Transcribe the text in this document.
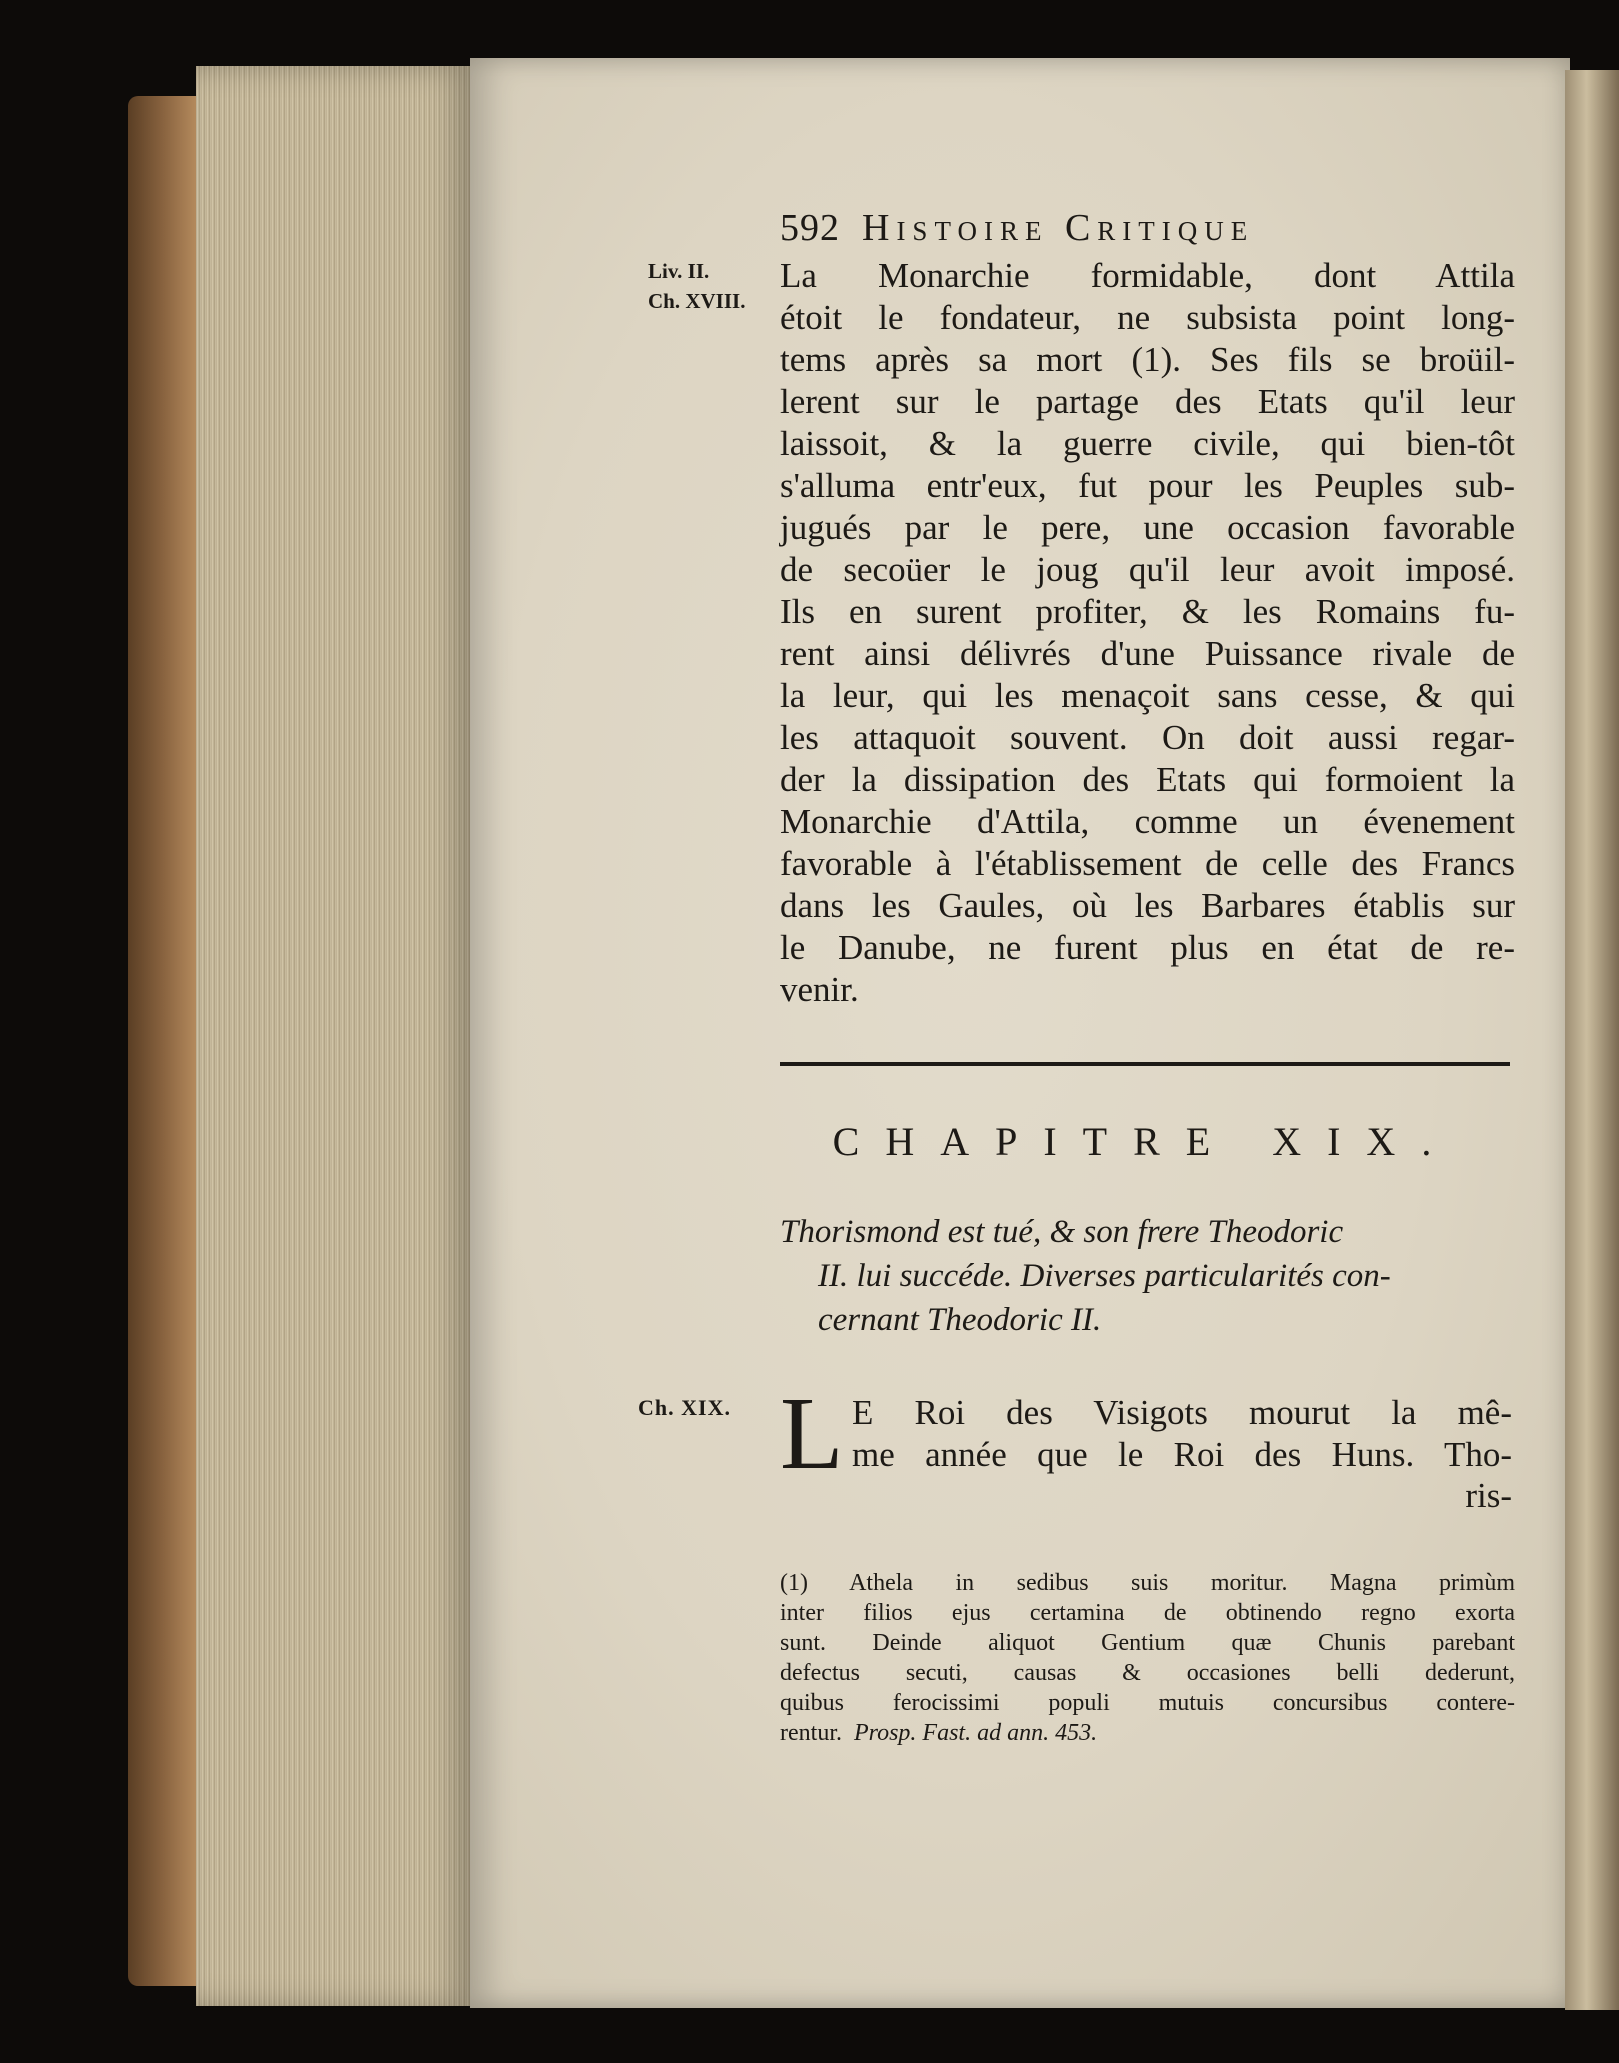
592 Histoire Critique
Liv. II.
Ch. XVIII.
La Monarchie formidable, dont Attila
étoit le fondateur, ne subsista point long-
tems après sa mort (1). Ses fils se broüil-
lerent sur le partage des Etats qu'il leur
laissoit, & la guerre civile, qui bien-tôt
s'alluma entr'eux, fut pour les Peuples sub-
jugués par le pere, une occasion favorable
de secoüer le joug qu'il leur avoit imposé.
Ils en surent profiter, & les Romains fu-
rent ainsi délivrés d'une Puissance rivale de
la leur, qui les menaçoit sans cesse, & qui
les attaquoit souvent. On doit aussi regar-
der la dissipation des Etats qui formoient la
Monarchie d'Attila, comme un évenement
favorable à l'établissement de celle des Francs
dans les Gaules, où les Barbares établis sur
le Danube, ne furent plus en état de re-
venir.
CHAPITRE XIX.
Thorismond est tué, & son frere Theodoric
II. lui succéde. Diverses particularités con-
cernant Theodoric II.
Ch. XIX. L E Roi des Visigots mourut la mê-
me année que le Roi des Huns. Tho-
ris-
(1) Athela in sedibus suis moritur. Magna primùm
inter filios ejus certamina de obtinendo regno exorta
sunt. Deinde aliquot Gentium quæ Chunis parebant
defectus secuti, causas & occasiones belli dederunt,
quibus ferocissimi populi mutuis concursibus contere-
rentur. Prosp. Fast. ad ann. 453.
